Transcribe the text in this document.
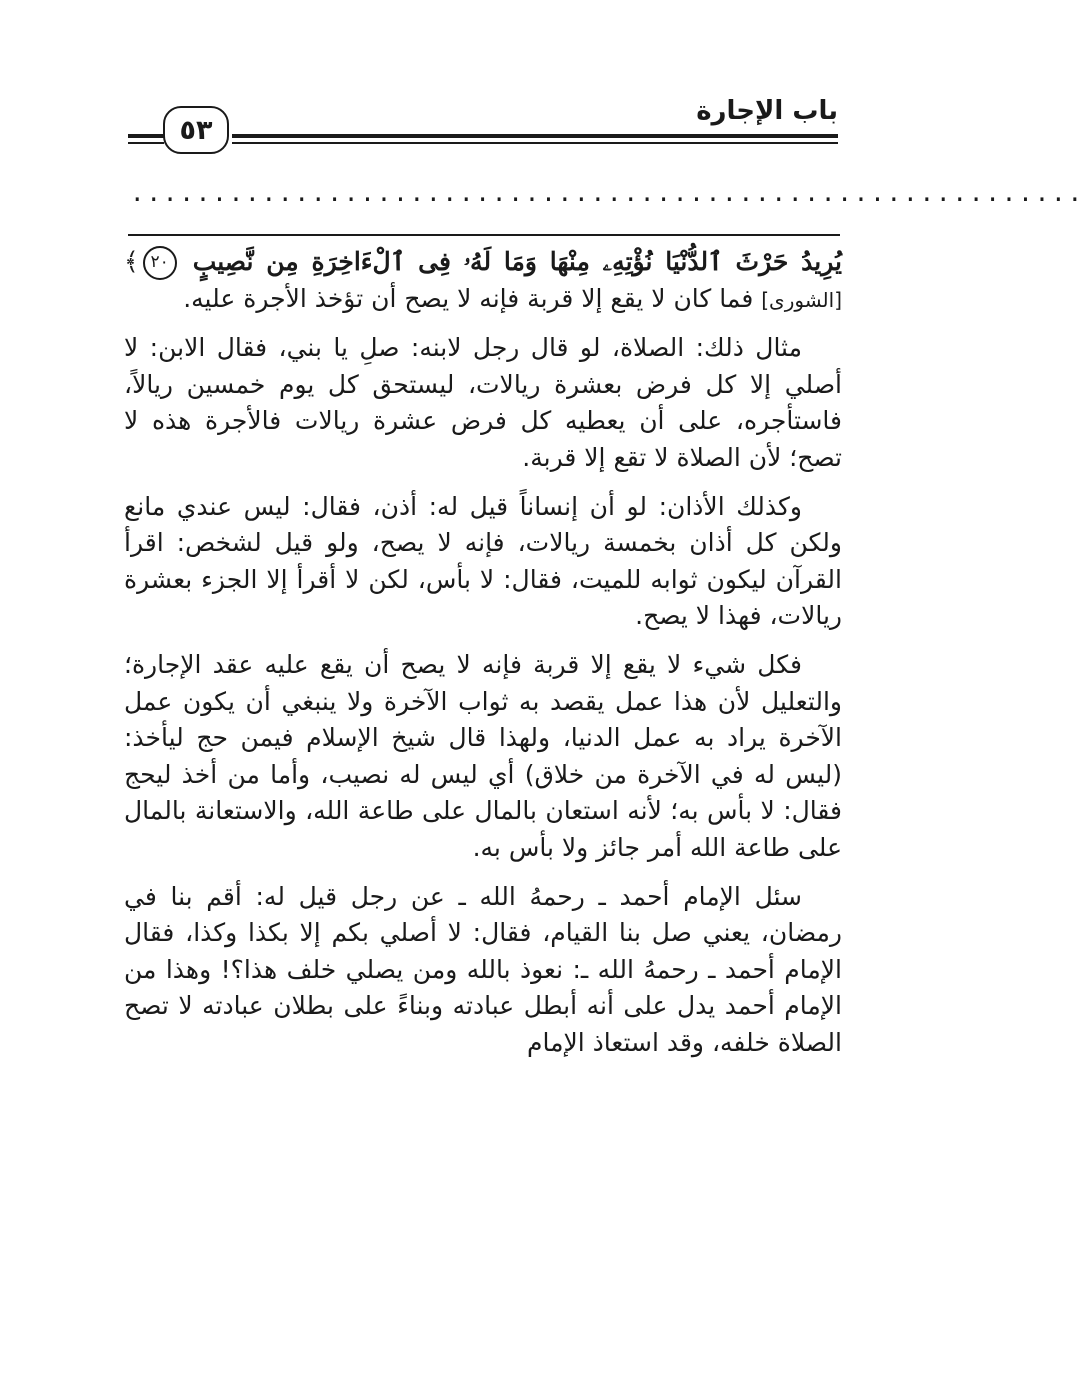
باب الإجارة
٥٣
..........................................................

يُرِيدُ حَرْثَ ٱلدُّنْيَا نُؤْتِهِۦ مِنْهَا وَمَا لَهُۥ فِى ٱلْءَاخِرَةِ مِن نَّصِيبٍ ٢٠﴾ [الشورى] فما كان لا يقع إلا قربة فإنه لا يصح أن تؤخذ الأجرة عليه.

مثال ذلك: الصلاة، لو قال رجل لابنه: صلِ يا بني، فقال الابن: لا أصلي إلا كل فرض بعشرة ريالات، ليستحق كل يوم خمسين ريالاً، فاستأجره، على أن يعطيه كل فرض عشرة ريالات فالأجرة هذه لا تصح؛ لأن الصلاة لا تقع إلا قربة.

وكذلك الأذان: لو أن إنساناً قيل له: أذن، فقال: ليس عندي مانع ولكن كل أذان بخمسة ريالات، فإنه لا يصح، ولو قيل لشخص: اقرأ القرآن ليكون ثوابه للميت، فقال: لا بأس، لكن لا أقرأ إلا الجزء بعشرة ريالات، فهذا لا يصح.

فكل شيء لا يقع إلا قربة فإنه لا يصح أن يقع عليه عقد الإجارة؛ والتعليل لأن هذا عمل يقصد به ثواب الآخرة ولا ينبغي أن يكون عمل الآخرة يراد به عمل الدنيا، ولهذا قال شيخ الإسلام فيمن حج ليأخذ: (ليس له في الآخرة من خلاق) أي ليس له نصيب، وأما من أخذ ليحج فقال: لا بأس به؛ لأنه استعان بالمال على طاعة الله، والاستعانة بالمال على طاعة الله أمر جائز ولا بأس به.

سئل الإمام أحمد ـ رحمهُ الله ـ عن رجل قيل له: أقم بنا في رمضان، يعني صل بنا القيام، فقال: لا أصلي بكم إلا بكذا وكذا، فقال الإمام أحمد ـ رحمهُ الله ـ: نعوذ بالله ومن يصلي خلف هذا؟! وهذا من الإمام أحمد يدل على أنه أبطل عبادته وبناءً على بطلان عبادته لا تصح الصلاة خلفه، وقد استعاذ الإمام
